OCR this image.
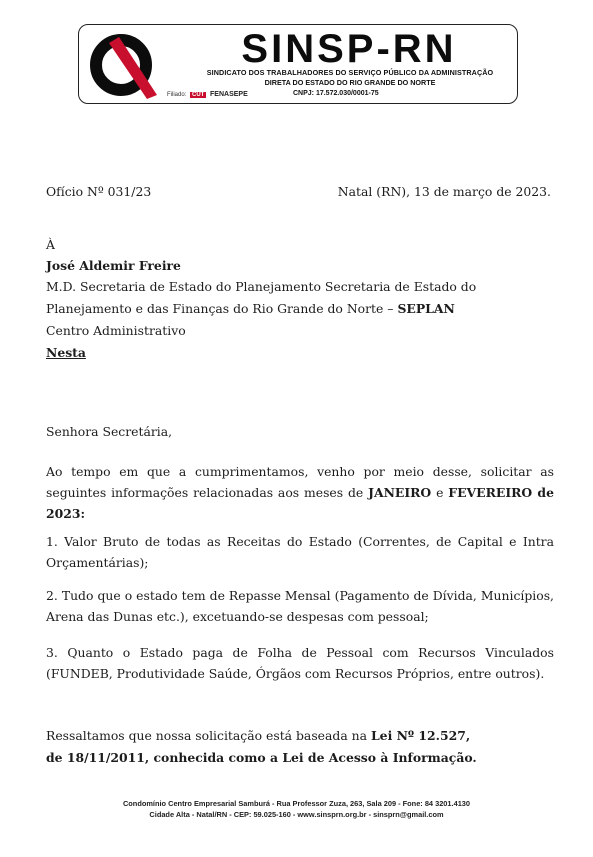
SINSP-RN
SINDICATO DOS TRABALHADORES DO SERVIÇO PÚBLICO DA ADMINISTRAÇÃO
DIRETA DO ESTADO DO RIO GRANDE DO NORTE
Filiado: CUT FENASEPE	CNPJ: 17.572.030/0001-75
Ofício Nº 031/23	Natal (RN), 13 de março de 2023.
À
José Aldemir Freire
M.D. Secretaria de Estado do Planejamento Secretaria de Estado do
Planejamento e das Finanças do Rio Grande do Norte – SEPLAN
Centro Administrativo
Nesta
Senhora Secretária,
Ao tempo em que a cumprimentamos, venho por meio desse, solicitar as seguintes informações relacionadas aos meses de JANEIRO e FEVEREIRO de 2023:
1. Valor Bruto de todas as Receitas do Estado (Correntes, de Capital e Intra Orçamentárias);
2. Tudo que o estado tem de Repasse Mensal (Pagamento de Dívida, Municípios, Arena das Dunas etc.), excetuando-se despesas com pessoal;
3. Quanto o Estado paga de Folha de Pessoal com Recursos Vinculados (FUNDEB, Produtividade Saúde, Órgãos com Recursos Próprios, entre outros).
Ressaltamos que nossa solicitação está baseada na Lei Nº 12.527,
de 18/11/2011, conhecida como a Lei de Acesso à Informação.
Condomínio Centro Empresarial Samburá - Rua Professor Zuza, 263, Sala 209 - Fone: 84 3201.4130
Cidade Alta - Natal/RN - CEP: 59.025-160 - www.sinsprn.org.br - sinsprn@gmail.com
